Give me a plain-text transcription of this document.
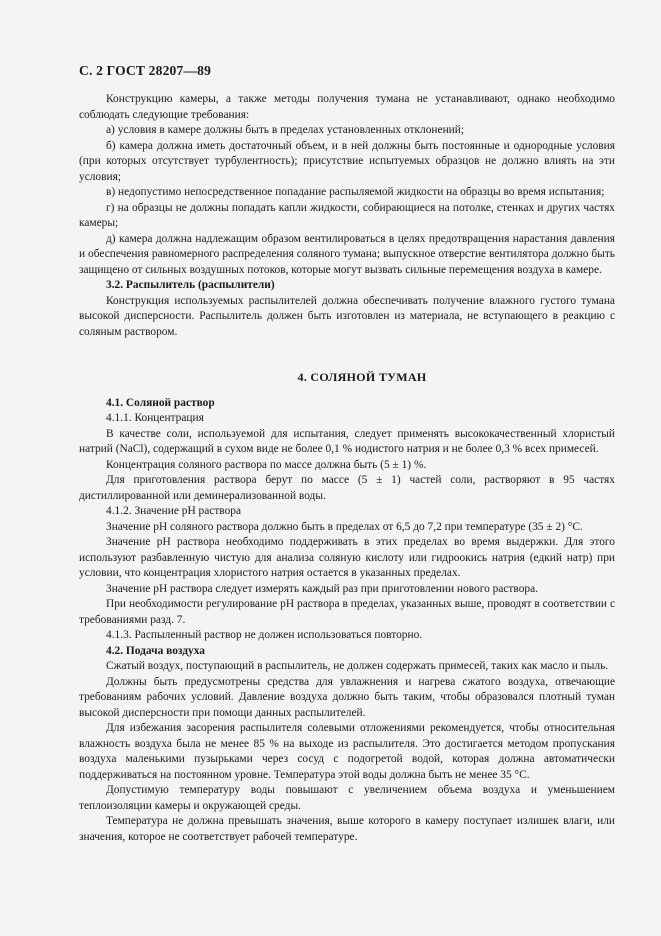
С. 2 ГОСТ 28207—89

Конструкцию камеры, а также методы получения тумана не устанавливают, однако необходимо соблюдать следующие требования:

а) условия в камере должны быть в пределах установленных отклонений;

б) камера должна иметь достаточный объем, и в ней должны быть постоянные и однородные условия (при которых отсутствует турбулентность); присутствие испытуемых образцов не должно влиять на эти условия;

в) недопустимо непосредственное попадание распыляемой жидкости на образцы во время испытания;

г) на образцы не должны попадать капли жидкости, собирающиеся на потолке, стенках и других частях камеры;

д) камера должна надлежащим образом вентилироваться в целях предотвращения нарастания давления и обеспечения равномерного распределения соляного тумана; выпускное отверстие вентилятора должно быть защищено от сильных воздушных потоков, которые могут вызвать сильные перемещения воздуха в камере.

3.2. Распылитель (распылители)

Конструкция используемых распылителей должна обеспечивать получение влажного густого тумана высокой дисперсности. Распылитель должен быть изготовлен из материала, не вступающего в реакцию с соляным раствором.

4. СОЛЯНОЙ ТУМАН

4.1. Соляной раствор

4.1.1. Концентрация

В качестве соли, используемой для испытания, следует применять высококачественный хлористый натрий (NaCl), содержащий в сухом виде не более 0,1 % иодистого натрия и не более 0,3 % всех примесей.

Концентрация соляного раствора по массе должна быть (5 ± 1) %.

Для приготовления раствора берут по массе (5 ± 1) частей соли, растворяют в 95 частях дистиллированной или деминерализованной воды.

4.1.2. Значение рН раствора

Значение рН соляного раствора должно быть в пределах от 6,5 до 7,2 при температуре (35 ± 2) °С.

Значение рН раствора необходимо поддерживать в этих пределах во время выдержки. Для этого используют разбавленную чистую для анализа соляную кислоту или гидроокись натрия (едкий натр) при условии, что концентрация хлористого натрия остается в указанных пределах.

Значение рН раствора следует измерять каждый раз при приготовлении нового раствора.

При необходимости регулирование рН раствора в пределах, указанных выше, проводят в соответствии с требованиями разд. 7.

4.1.3. Распыленный раствор не должен использоваться повторно.

4.2. Подача воздуха

Сжатый воздух, поступающий в распылитель, не должен содержать примесей, таких как масло и пыль.

Должны быть предусмотрены средства для увлажнения и нагрева сжатого воздуха, отвечающие требованиям рабочих условий. Давление воздуха должно быть таким, чтобы образовался плотный туман высокой дисперсности при помощи данных распылителей.

Для избежания засорения распылителя солевыми отложениями рекомендуется, чтобы относительная влажность воздуха была не менее 85 % на выходе из распылителя. Это достигается методом пропускания воздуха маленькими пузырьками через сосуд с подогретой водой, которая должна автоматически поддерживаться на постоянном уровне. Температура этой воды должна быть не менее 35 °С.

Допустимую температуру воды повышают с увеличением объема воздуха и уменьшением теплоизоляции камеры и окружающей среды.

Температура не должна превышать значения, выше которого в камеру поступает излишек влаги, или значения, которое не соответствует рабочей температуре.
